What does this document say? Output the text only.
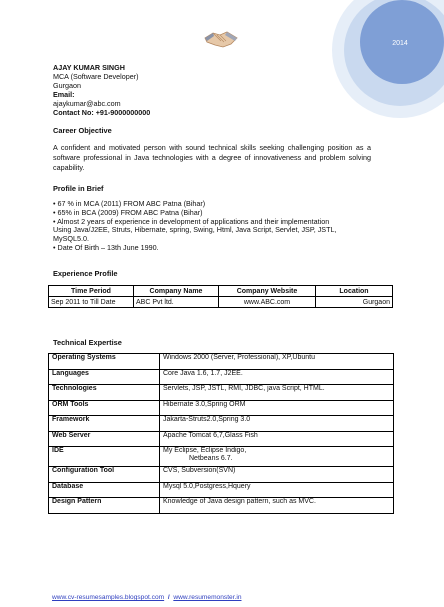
2014
AJAY KUMAR SINGH
MCA (Software Developer)
Gurgaon
Email:
ajaykumar@abc.com
Contact No: +91-9000000000
Career Objective
A confident and motivated person with sound technical skills seeking challenging position as a software professional in Java technologies with a degree of innovativeness and problem solving capability.
Profile in Brief
• 67 % in MCA (2011) FROM ABC Patna (Bihar)
• 65% in BCA (2009) FROM ABC Patna (Bihar)
• Almost 2 years of experience in development of applications and their implementation
Using Java/J2EE, Struts, Hibernate, spring, Swing, Html, Java Script, Servlet, JSP, JSTL,
MySQL5.0.
• Date Of Birth – 13th June 1990.
Experience Profile
Time Period	Company Name	Company Website	Location
Sep 2011 to Till Date	ABC Pvt ltd.	www.ABC.com	Gurgaon
Technical Expertise
Operating Systems	Windows 2000 (Server, Professional), XP,Ubuntu
Languages	Core Java 1.6, 1.7, J2EE.
Technologies	Servlets, JSP, JSTL, RMI, JDBC, java Script, HTML.
ORM Tools	Hibernate 3.0,Spring ORM
Framework	Jakarta-Struts2.0,Spring 3.0
Web Server	Apache Tomcat 6,7,Glass Fish
IDE	My Eclipse, Eclipse Indigo,
Netbeans 6.7.

Configuration Tool	CVS, Subversion(SVN)
Database	Mysql 5.0,Postgress,Hquery
Design Pattern	Knowledge of Java design pattern, such as MVC.
www.cv-resumesamples.blogspot.com / www.resumemonster.in
